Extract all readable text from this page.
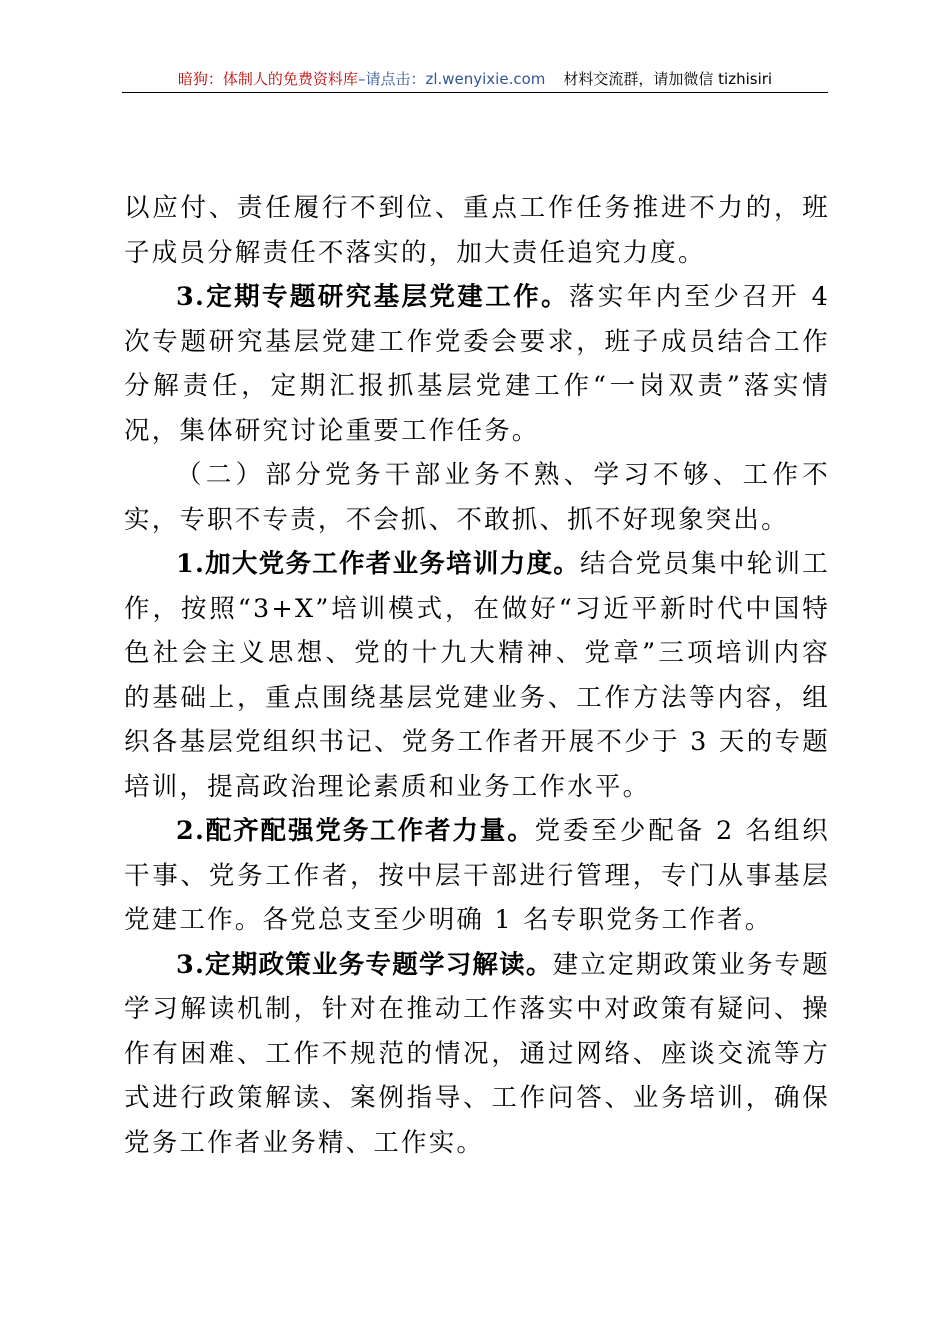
暗狗：体制人的免费资料库 –请点击： zl.wenyixie.com 材料交流群，请加微信 tizhisiri

以应付、责任履行不到位、重点工作任务推进不力的，班子成员分解责任不落实的，加大责任追究力度。

3.定期专题研究基层党建工作。落实年内至少召开 4 次专题研究基层党建工作党委会要求，班子成员结合工作分解责任，定期汇报抓基层党建工作“一岗双责”落实情况，集体研究讨论重要工作任务。

（二）部分党务干部业务不熟、学习不够、工作不实，专职不专责，不会抓、不敢抓、抓不好现象突出。

1.加大党务工作者业务培训力度。结合党员集中轮训工作，按照“3+X”培训模式，在做好“习近平新时代中国特色社会主义思想、党的十九大精神、党章”三项培训内容的基础上，重点围绕基层党建业务、工作方法等内容，组织各基层党组织书记、党务工作者开展不少于 3 天的专题培训，提高政治理论素质和业务工作水平。

2.配齐配强党务工作者力量。党委至少配备 2 名组织干事、党务工作者，按中层干部进行管理，专门从事基层党建工作。各党总支至少明确 1 名专职党务工作者。

3.定期政策业务专题学习解读。建立定期政策业务专题学习解读机制，针对在推动工作落实中对政策有疑问、操作有困难、工作不规范的情况，通过网络、座谈交流等方式进行政策解读、案例指导、工作问答、业务培训，确保党务工作者业务精、工作实。
